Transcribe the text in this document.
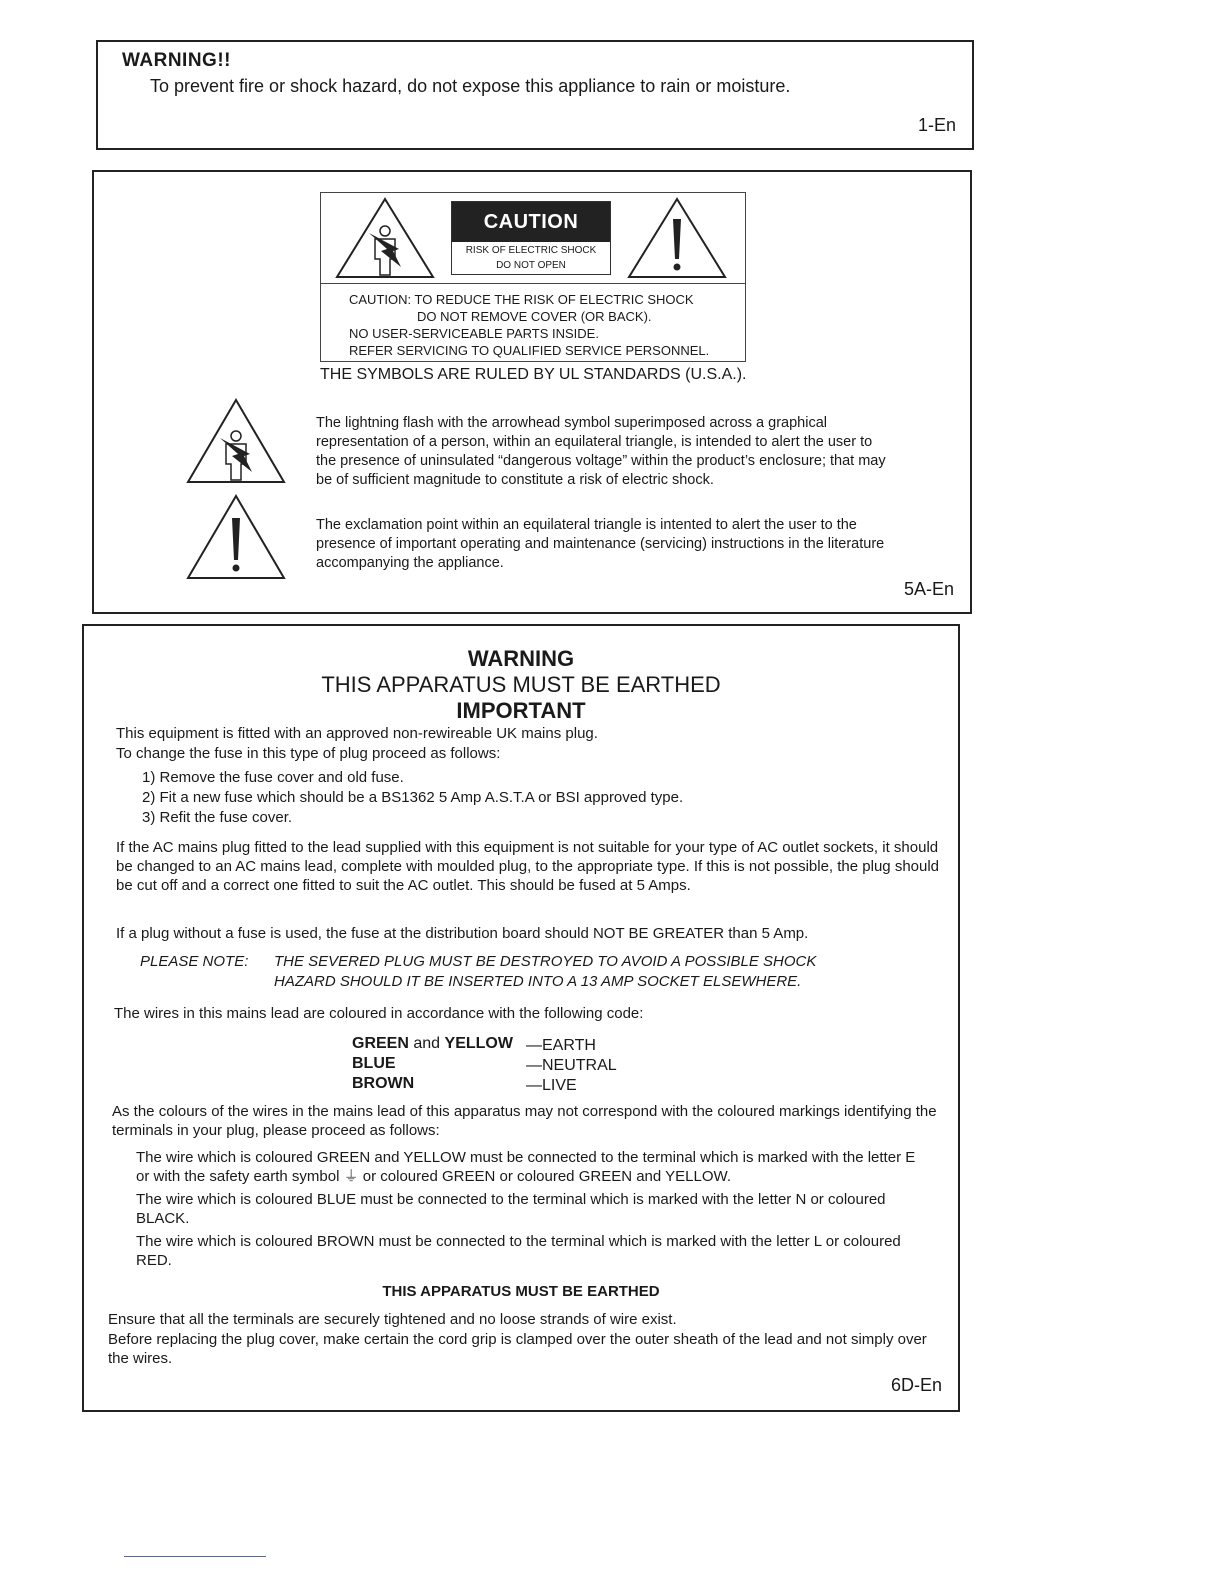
WARNING!!
To prevent fire or shock hazard, do not expose this appliance to rain or moisture.
1-En
CAUTION
RISK OF ELECTRIC SHOCK
DO NOT OPEN
CAUTION: TO REDUCE THE RISK OF ELECTRIC SHOCK
DO NOT REMOVE COVER (OR BACK).
NO USER-SERVICEABLE PARTS INSIDE.
REFER SERVICING TO QUALIFIED SERVICE PERSONNEL.
THE SYMBOLS ARE RULED BY UL STANDARDS (U.S.A.).
The lightning flash with the arrowhead symbol superimposed across a graphical representation of a person, within an equilateral triangle, is intended to alert the user to the presence of uninsulated “dangerous voltage” within the product’s enclosure; that may be of sufficient magnitude to constitute a risk of electric shock.
The exclamation point within an equilateral triangle is intented to alert the user to the presence of important operating and maintenance (servicing) instructions in the literature accompanying the appliance.
5A-En
WARNING
THIS APPARATUS MUST BE EARTHED
IMPORTANT
This equipment is fitted with an approved non-rewireable UK mains plug.
To change the fuse in this type of plug proceed as follows:
1) Remove the fuse cover and old fuse.
2) Fit a new fuse which should be a BS1362 5 Amp A.S.T.A or BSI approved type.
3) Refit the fuse cover.
If the AC mains plug fitted to the lead supplied with this equipment is not suitable for your type of AC outlet sockets, it should be changed to an AC mains lead, complete with moulded plug, to the appropriate type. If this is not possible, the plug should be cut off and a correct one fitted to suit the AC outlet. This should be fused at 5 Amps.
If a plug without a fuse is used, the fuse at the distribution board should NOT BE GREATER than 5 Amp.
PLEASE NOTE: THE SEVERED PLUG MUST BE DESTROYED TO AVOID A POSSIBLE SHOCK
HAZARD SHOULD IT BE INSERTED INTO A 13 AMP SOCKET ELSEWHERE.
The wires in this mains lead are coloured in accordance with the following code:
GREEN and YELLOW —EARTH
BLUE	—NEUTRAL
BROWN	—LIVE
As the colours of the wires in the mains lead of this apparatus may not correspond with the coloured markings identifying the terminals in your plug, please proceed as follows:
The wire which is coloured GREEN and YELLOW must be connected to the terminal which is marked with the letter E or with the safety earth symbol ⏚ or coloured GREEN or coloured GREEN and YELLOW.
The wire which is coloured BLUE must be connected to the terminal which is marked with the letter N or coloured BLACK.
The wire which is coloured BROWN must be connected to the terminal which is marked with the letter L or coloured RED.
THIS APPARATUS MUST BE EARTHED
Ensure that all the terminals are securely tightened and no loose strands of wire exist.
Before replacing the plug cover, make certain the cord grip is clamped over the outer sheath of the lead and not simply over the wires.
6D-En
